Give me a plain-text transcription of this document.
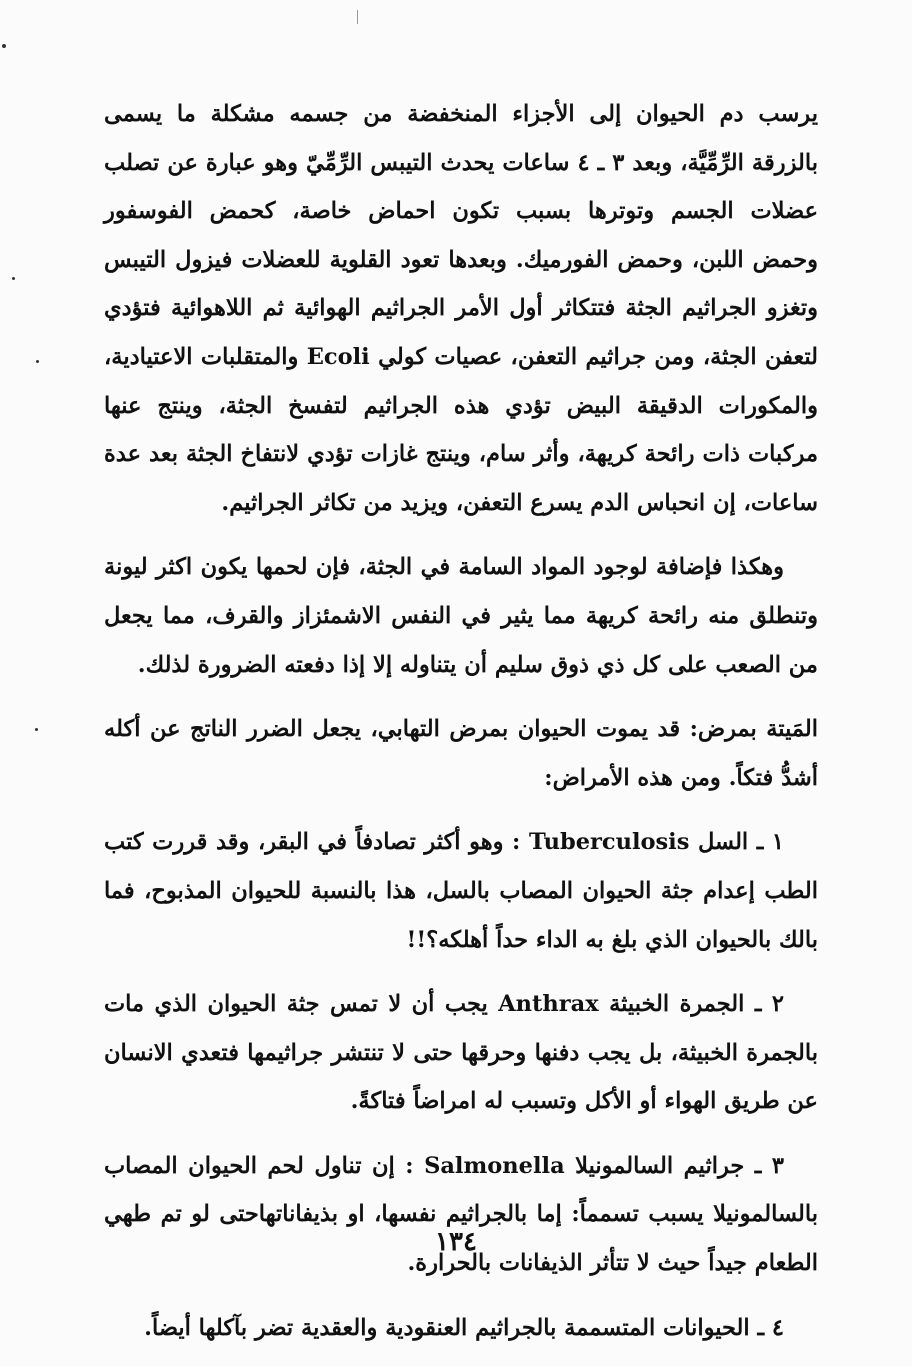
يرسب دم الحيوان إلى الأجزاء المنخفضة من جسمه مشكلة ما يسمى بالزرقة الرِّمِّيَّة، وبعد ٣ ـ ٤ ساعات يحدث التيبس الرِّمِّيّ وهو عبارة عن تصلب عضلات الجسم وتوترها بسبب تكون احماض خاصة، كحمض الفوسفور وحمض اللبن، وحمض الفورميك. وبعدها تعود القلوية للعضلات فيزول التيبس وتغزو الجراثيم الجثة فتتكاثر أول الأمر الجراثيم الهوائية ثم اللاهوائية فتؤدي لتعفن الجثة، ومن جراثيم التعفن، عصيات كولي Ecoli والمتقلبات الاعتيادية، والمكورات الدقيقة البيض تؤدي هذه الجراثيم لتفسخ الجثة، وينتج عنها مركبات ذات رائحة كريهة، وأثر سام، وينتج غازات تؤدي لانتفاخ الجثة بعد عدة ساعات، إن انحباس الدم يسرع التعفن، ويزيد من تكاثر الجراثيم.

وهكذا فإضافة لوجود المواد السامة في الجثة، فإن لحمها يكون اكثر ليونة وتنطلق منه رائحة كريهة مما يثير في النفس الاشمئزاز والقرف، مما يجعل من الصعب على كل ذي ذوق سليم أن يتناوله إلا إذا دفعته الضرورة لذلك.

المَيتة بمرض: قد يموت الحيوان بمرض التهابي، يجعل الضرر الناتج عن أكله أشدُّ فتكاً. ومن هذه الأمراض:

١ ـ السل Tuberculosis : وهو أكثر تصادفاً في البقر، وقد قررت كتب الطب إعدام جثة الحيوان المصاب بالسل، هذا بالنسبة للحيوان المذبوح، فما بالك بالحيوان الذي بلغ به الداء حداً أهلكه؟!!

٢ ـ الجمرة الخبيثة Anthrax يجب أن لا تمس جثة الحيوان الذي مات بالجمرة الخبيثة، بل يجب دفنها وحرقها حتى لا تنتشر جراثيمها فتعدي الانسان عن طريق الهواء أو الأكل وتسبب له امراضاً فتاكةً.

٣ ـ جراثيم السالمونيلا Salmonella : إن تناول لحم الحيوان المصاب بالسالمونيلا يسبب تسمماً: إما بالجراثيم نفسها، او بذيفاناتهاحتى لو تم طهي الطعام جيداً حيث لا تتأثر الذيفانات بالحرارة.

٤ ـ الحيوانات المتسممة بالجراثيم العنقودية والعقدية تضر بآكلها أيضاً.

١٣٤
